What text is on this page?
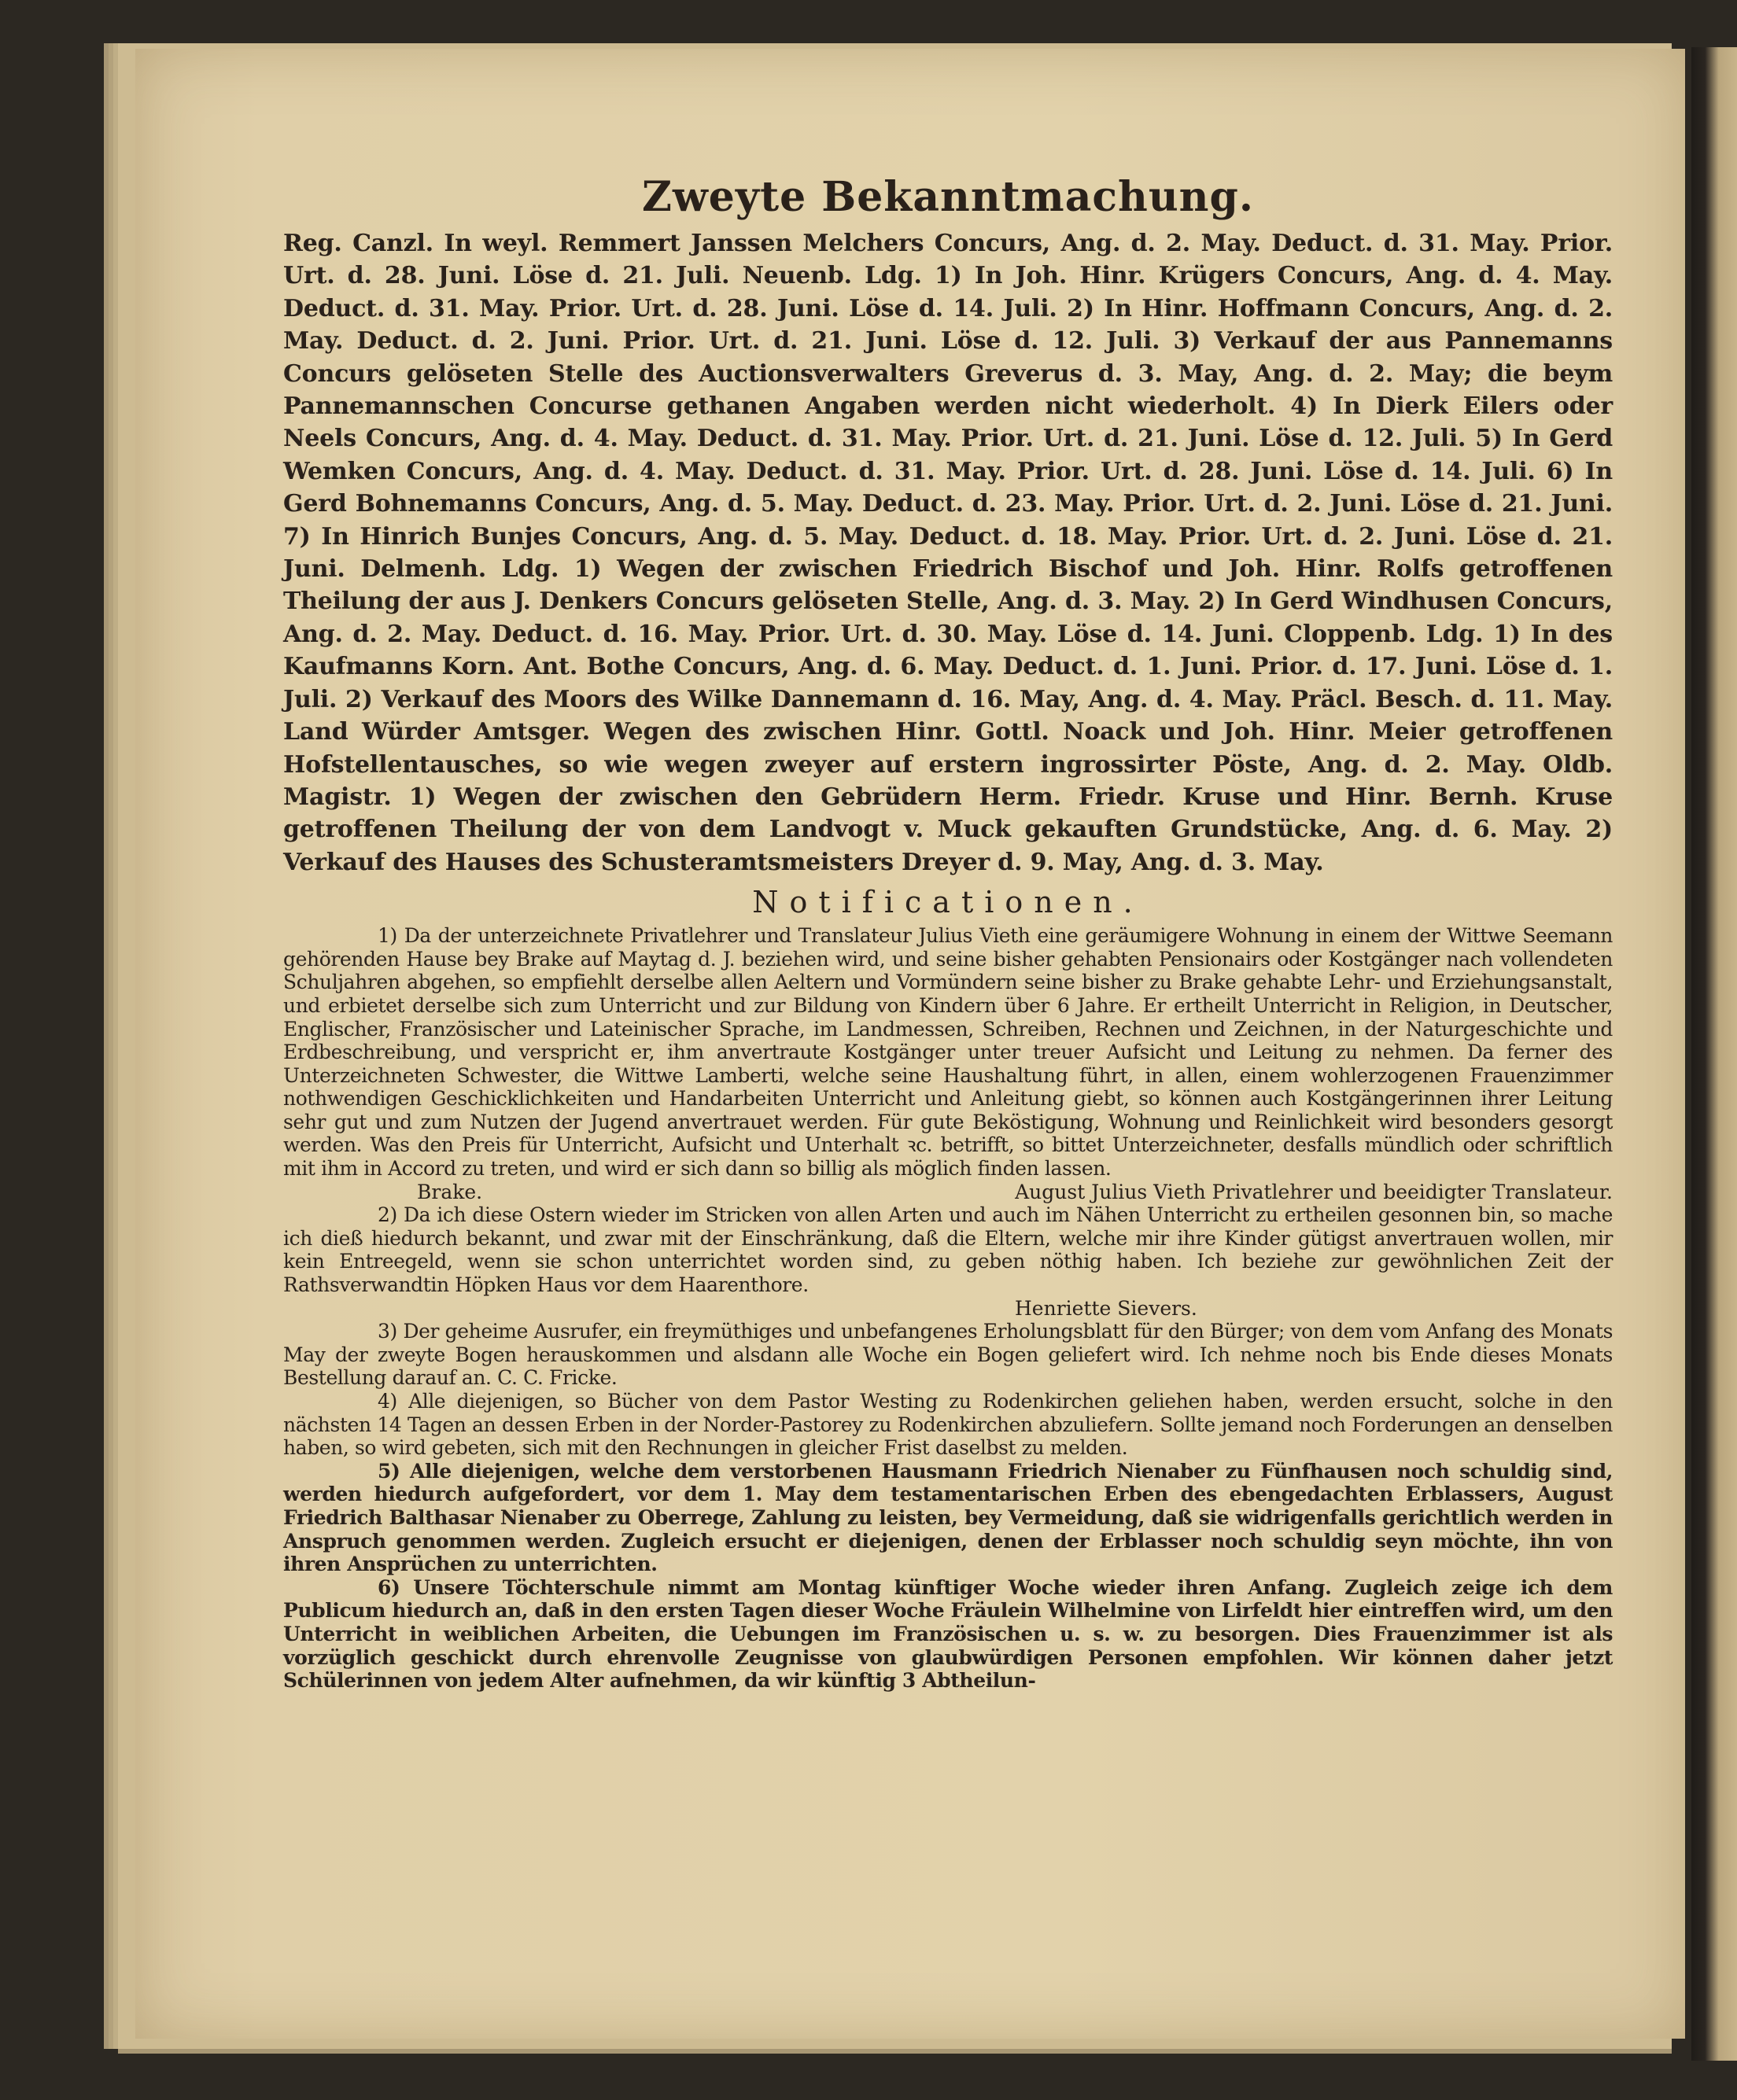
Zweyte Bekanntmachung.

Reg. Canzl. In weyl. Remmert Janssen Melchers Concurs, Ang. d. 2. May. Deduct. d. 31. May. Prior. Urt. d. 28. Juni. Löse d. 21. Juli. Neuenb. Ldg. 1) In Joh. Hinr. Krügers Concurs, Ang. d. 4. May. Deduct. d. 31. May. Prior. Urt. d. 28. Juni. Löse d. 14. Juli. 2) In Hinr. Hoffmann Concurs, Ang. d. 2. May. Deduct. d. 2. Juni. Prior. Urt. d. 21. Juni. Löse d. 12. Juli. 3) Verkauf der aus Pannemanns Concurs gelöseten Stelle des Auctionsverwalters Greverus d. 3. May, Ang. d. 2. May; die beym Pannemannschen Concurse gethanen Angaben werden nicht wiederholt. 4) In Dierk Eilers oder Neels Concurs, Ang. d. 4. May. Deduct. d. 31. May. Prior. Urt. d. 21. Juni. Löse d. 12. Juli. 5) In Gerd Wemken Concurs, Ang. d. 4. May. Deduct. d. 31. May. Prior. Urt. d. 28. Juni. Löse d. 14. Juli. 6) In Gerd Bohnemanns Concurs, Ang. d. 5. May. Deduct. d. 23. May. Prior. Urt. d. 2. Juni. Löse d. 21. Juni. 7) In Hinrich Bunjes Concurs, Ang. d. 5. May. Deduct. d. 18. May. Prior. Urt. d. 2. Juni. Löse d. 21. Juni. Delmenh. Ldg. 1) Wegen der zwischen Friedrich Bischof und Joh. Hinr. Rolfs getroffenen Theilung der aus J. Denkers Concurs gelöseten Stelle, Ang. d. 3. May. 2) In Gerd Windhusen Concurs, Ang. d. 2. May. Deduct. d. 16. May. Prior. Urt. d. 30. May. Löse d. 14. Juni. Cloppenb. Ldg. 1) In des Kaufmanns Korn. Ant. Bothe Concurs, Ang. d. 6. May. Deduct. d. 1. Juni. Prior. d. 17. Juni. Löse d. 1. Juli. 2) Verkauf des Moors des Wilke Dannemann d. 16. May, Ang. d. 4. May. Präcl. Besch. d. 11. May. Land Würder Amtsger. Wegen des zwischen Hinr. Gottl. Noack und Joh. Hinr. Meier getroffenen Hofstellentausches, so wie wegen zweyer auf erstern ingrossirter Pöste, Ang. d. 2. May. Oldb. Magistr. 1) Wegen der zwischen den Gebrüdern Herm. Friedr. Kruse und Hinr. Bernh. Kruse getroffenen Theilung der von dem Landvogt v. Muck gekauften Grundstücke, Ang. d. 6. May. 2) Verkauf des Hauses des Schusteramtsmeisters Dreyer d. 9. May, Ang. d. 3. May.

Notificationen.

1) Da der unterzeichnete Privatlehrer und Translateur Julius Vieth eine geräumigere Wohnung in einem der Wittwe Seemann gehörenden Hause bey Brake auf Maytag d. J. beziehen wird, und seine bisher gehabten Pensionairs oder Kostgänger nach vollendeten Schuljahren abgehen, so empfiehlt derselbe allen Aeltern und Vormündern seine bisher zu Brake gehabte Lehr- und Erziehungsanstalt, und erbietet derselbe sich zum Unterricht und zur Bildung von Kindern über 6 Jahre. Er ertheilt Unterricht in Religion, in Deutscher, Englischer, Französischer und Lateinischer Sprache, im Landmessen, Schreiben, Rechnen und Zeichnen, in der Naturgeschichte und Erdbeschreibung, und verspricht er, ihm anvertraute Kostgänger unter treuer Aufsicht und Leitung zu nehmen. Da ferner des Unterzeichneten Schwester, die Wittwe Lamberti, welche seine Haushaltung führt, in allen, einem wohlerzogenen Frauenzimmer nothwendigen Geschicklichkeiten und Handarbeiten Unterricht und Anleitung giebt, so können auch Kostgängerinnen ihrer Leitung sehr gut und zum Nutzen der Jugend anvertrauet werden. Für gute Beköstigung, Wohnung und Reinlichkeit wird besonders gesorgt werden. Was den Preis für Unterricht, Aufsicht und Unterhalt ꝛc. betrifft, so bittet Unterzeichneter, desfalls mündlich oder schriftlich mit ihm in Accord zu treten, und wird er sich dann so billig als möglich finden lassen.

Brake.	August Julius Vieth Privatlehrer und beeidigter Translateur.

2) Da ich diese Ostern wieder im Stricken von allen Arten und auch im Nähen Unterricht zu ertheilen gesonnen bin, so mache ich dieß hiedurch bekannt, und zwar mit der Einschränkung, daß die Eltern, welche mir ihre Kinder gütigst anvertrauen wollen, mir kein Entreegeld, wenn sie schon unterrichtet worden sind, zu geben nöthig haben. Ich beziehe zur gewöhnlichen Zeit der Rathsverwandtin Höpken Haus vor dem Haarenthore.

Henriette Sievers.

3) Der geheime Ausrufer, ein freymüthiges und unbefangenes Erholungsblatt für den Bürger; von dem vom Anfang des Monats May der zweyte Bogen herauskommen und alsdann alle Woche ein Bogen geliefert wird. Ich nehme noch bis Ende dieses Monats Bestellung darauf an. C. C. Fricke.

4) Alle diejenigen, so Bücher von dem Pastor Westing zu Rodenkirchen geliehen haben, werden ersucht, solche in den nächsten 14 Tagen an dessen Erben in der Norder-Pastorey zu Rodenkirchen abzuliefern. Sollte jemand noch Forderungen an denselben haben, so wird gebeten, sich mit den Rechnungen in gleicher Frist daselbst zu melden.

5) Alle diejenigen, welche dem verstorbenen Hausmann Friedrich Nienaber zu Fünfhausen noch schuldig sind, werden hiedurch aufgefordert, vor dem 1. May dem testamentarischen Erben des ebengedachten Erblassers, August Friedrich Balthasar Nienaber zu Oberrege, Zahlung zu leisten, bey Vermeidung, daß sie widrigenfalls gerichtlich werden in Anspruch genommen werden. Zugleich ersucht er diejenigen, denen der Erblasser noch schuldig seyn möchte, ihn von ihren Ansprüchen zu unterrichten.

6) Unsere Töchterschule nimmt am Montag künftiger Woche wieder ihren Anfang. Zugleich zeige ich dem Publicum hiedurch an, daß in den ersten Tagen dieser Woche Fräulein Wilhelmine von Lirfeldt hier eintreffen wird, um den Unterricht in weiblichen Arbeiten, die Uebungen im Französischen u. s. w. zu besorgen. Dies Frauenzimmer ist als vorzüglich geschickt durch ehrenvolle Zeugnisse von glaubwürdigen Personen empfohlen. Wir können daher jetzt Schülerinnen von jedem Alter aufnehmen, da wir künftig 3 Abtheilun-
